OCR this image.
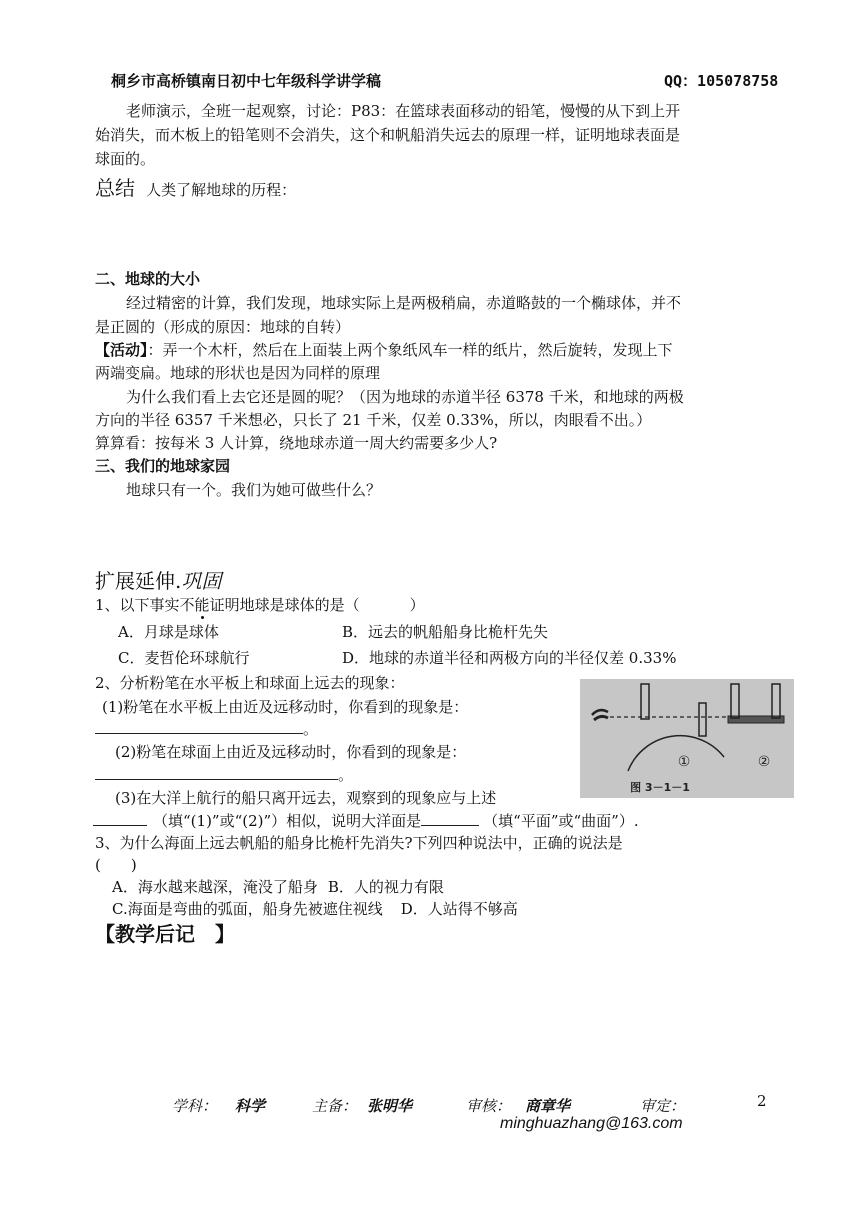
桐乡市高桥镇南日初中七年级科学讲学稿	QQ：105078758
老师演示，全班一起观察，讨论：P83：在篮球表面移动的铅笔，慢慢的从下到上开
始消失，而木板上的铅笔则不会消失，这个和帆船消失远去的原理一样，证明地球表面是
球面的。
总结 人类了解地球的历程：
二、地球的大小
经过精密的计算，我们发现，地球实际上是两极稍扁，赤道略鼓的一个椭球体，并不
是正圆的（形成的原因：地球的自转）
【活动】：弄一个木杆，然后在上面装上两个象纸风车一样的纸片，然后旋转，发现上下
两端变扁。地球的形状也是因为同样的原理
为什么我们看上去它还是圆的呢？（因为地球的赤道半径 6378 千米，和地球的两极
方向的半径 6357 千米想必，只长了 21 千米，仅差 0.33%，所以，肉眼看不出。）
算算看：按每米 3 人计算，绕地球赤道一周大约需要多少人?
三、我们的地球家园
地球只有一个。我们为她可做些什么？
扩展延伸.巩固
1、以下事实不能证明地球是球体的是（	）
A．月球是球体	B．远去的帆船船身比桅杆先失
C．麦哲伦环球航行	D．地球的赤道半径和两极方向的半径仅差 0.33%
2、分析粉笔在水平板上和球面上远去的现象：
(1)粉笔在水平板上由近及远移动时，你看到的现象是：
。
(2)粉笔在球面上由近及远移动时，你看到的现象是：
。
(3)在大洋上航行的船只离开远去，观察到的现象应与上述
（填“(1)”或“(2)”）相似，说明大洋面是	（填“平面”或“曲面”）.
①	②
图 3－1－1
3、为什么海面上远去帆船的船身比桅杆先消失?下列四种说法中，正确的说法是
(　　)
A．海水越来越深，淹没了船身 B．人的视力有限
C.海面是弯曲的弧面，船身先被遮住视线 D．人站得不够高
【教学后记　】
学科： 科学	主备： 张明华	审核： 商章华	审定：	2
minghuazhang@163.com
